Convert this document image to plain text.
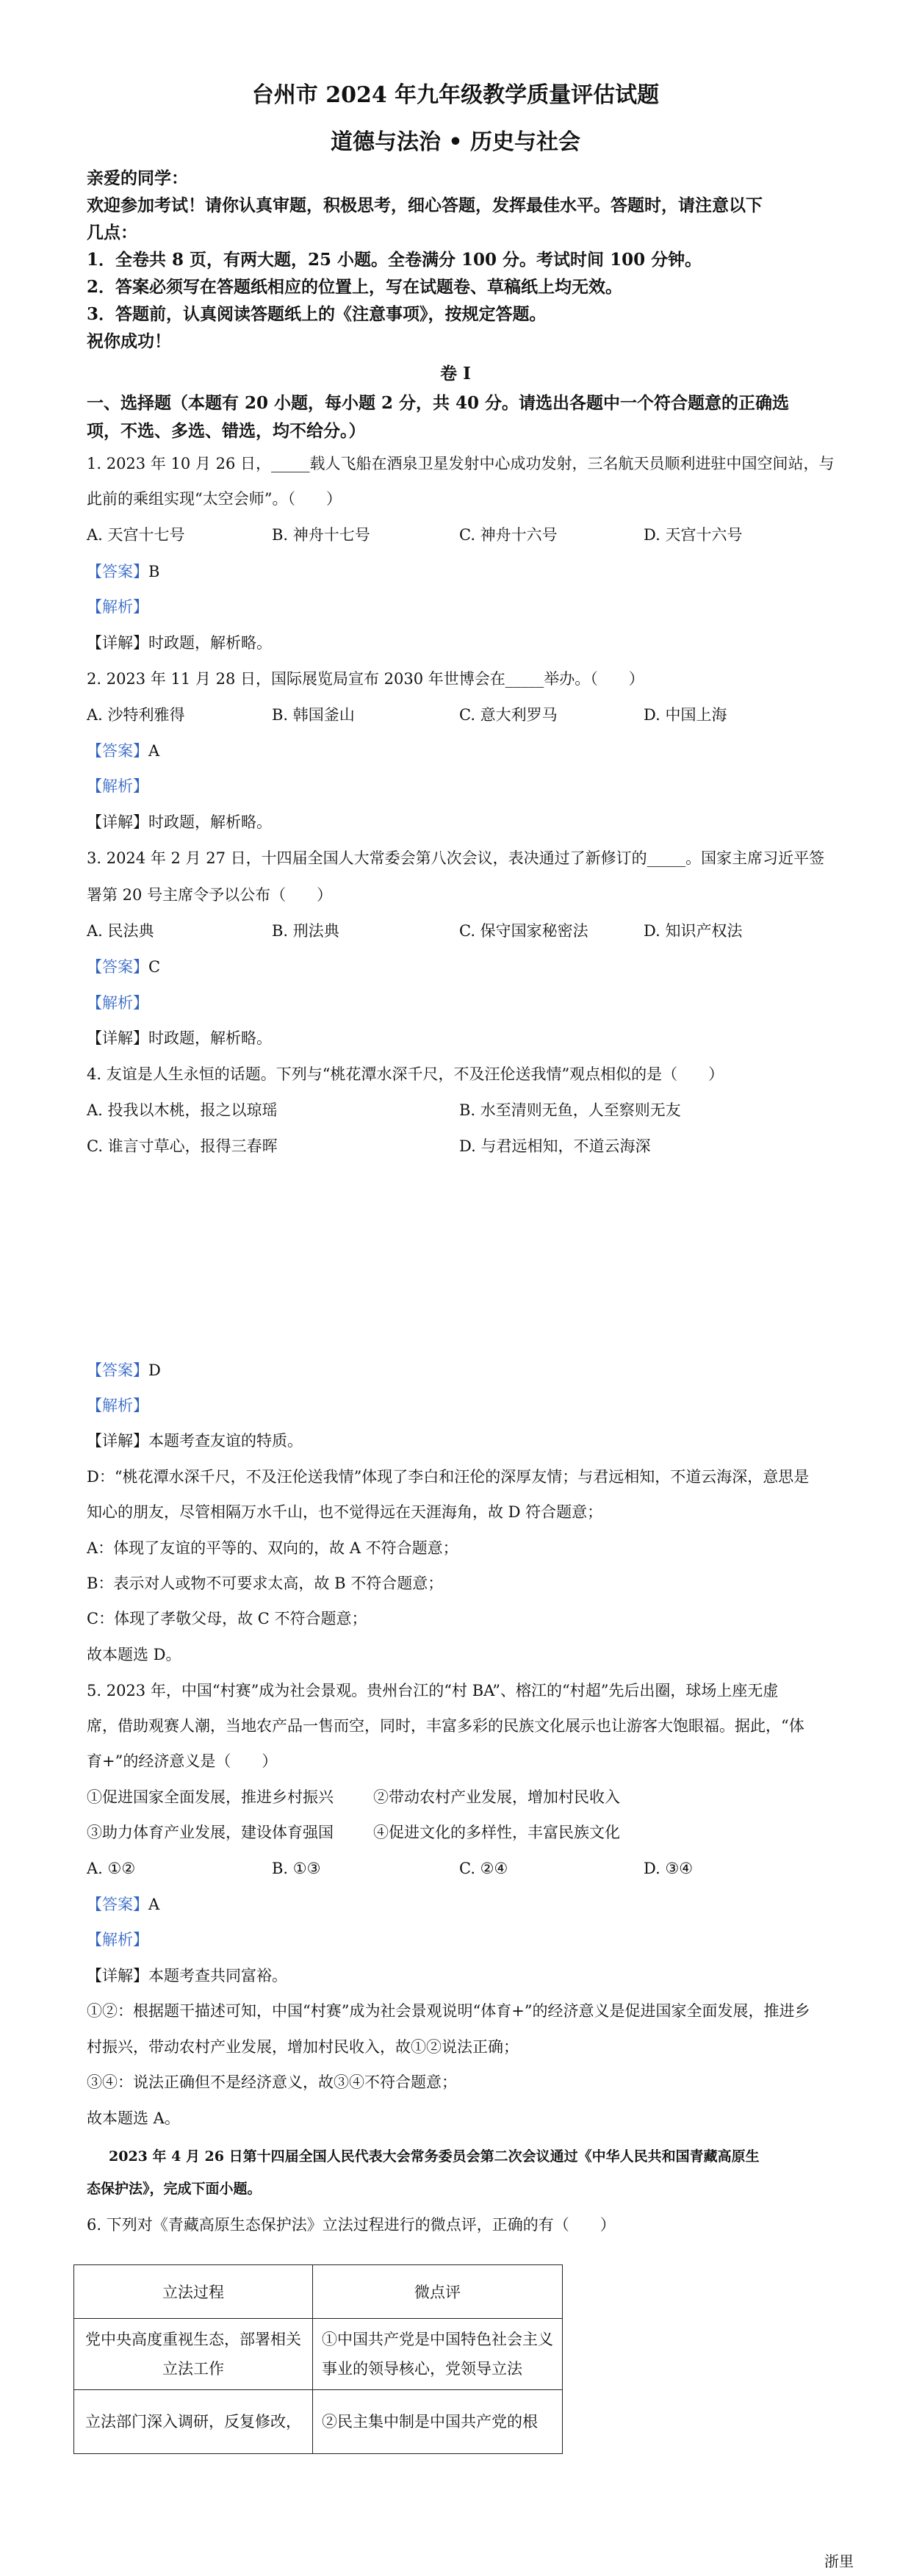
台州市 2024 年九年级教学质量评估试题
道德与法治 • 历史与社会
亲爱的同学：
欢迎参加考试！请你认真审题，积极思考，细心答题，发挥最佳水平。答题时，请注意以下
几点：
1．全卷共 8 页，有两大题，25 小题。全卷满分 100 分。考试时间 100 分钟。
2．答案必须写在答题纸相应的位置上，写在试题卷、草稿纸上均无效。
3．答题前，认真阅读答题纸上的《注意事项》，按规定答题。
祝你成功！
卷 I
一、选择题（本题有 20 小题，每小题 2 分，共 40 分。请选出各题中一个符合题意的正确选
项，不选、多选、错选，均不给分。）
1. 2023 年 10 月 26 日，_____载人飞船在酒泉卫星发射中心成功发射，三名航天员顺利进驻中国空间站，与
此前的乘组实现“太空会师”。（　　）
A. 天宫十七号	B. 神舟十七号	C. 神舟十六号	D. 天宫十六号
【答案】B
【解析】
【详解】时政题，解析略。
2. 2023 年 11 月 28 日，国际展览局宣布 2030 年世博会在_____举办。（　　）
A. 沙特利雅得	B. 韩国釜山	C. 意大利罗马	D. 中国上海
【答案】A
【解析】
【详解】时政题，解析略。
3. 2024 年 2 月 27 日，十四届全国人大常委会第八次会议，表决通过了新修订的_____。国家主席习近平签
署第 20 号主席令予以公布（　　）
A. 民法典	B. 刑法典	C. 保守国家秘密法	D. 知识产权法
【答案】C
【解析】
【详解】时政题，解析略。
4. 友谊是人生永恒的话题。下列与“桃花潭水深千尺，不及汪伦送我情”观点相似的是（　　）
A. 投我以木桃，报之以琼瑶	B. 水至清则无鱼，人至察则无友
C. 谁言寸草心，报得三春晖	D. 与君远相知，不道云海深
【答案】D
【解析】
【详解】本题考查友谊的特质。
D：“桃花潭水深千尺，不及汪伦送我情”体现了李白和汪伦的深厚友情；与君远相知，不道云海深，意思是
知心的朋友，尽管相隔万水千山，也不觉得远在天涯海角，故 D 符合题意；
A：体现了友谊的平等的、双向的，故 A 不符合题意；
B：表示对人或物不可要求太高，故 B 不符合题意；
C：体现了孝敬父母，故 C 不符合题意；
故本题选 D。
5. 2023 年，中国“村赛”成为社会景观。贵州台江的“村 BA”、榕江的“村超”先后出圈，球场上座无虚
席，借助观赛人潮，当地农产品一售而空，同时，丰富多彩的民族文化展示也让游客大饱眼福。据此，“体
育+”的经济意义是（　　）
①促进国家全面发展，推进乡村振兴	②带动农村产业发展，增加村民收入
③助力体育产业发展，建设体育强国	④促进文化的多样性，丰富民族文化
A. ①②	B. ①③	C. ②④	D. ③④
【答案】A
【解析】
【详解】本题考查共同富裕。
①②：根据题干描述可知，中国“村赛”成为社会景观说明“体育+”的经济意义是促进国家全面发展，推进乡
村振兴，带动农村产业发展，增加村民收入，故①②说法正确；
③④：说法正确但不是经济意义，故③④不符合题意；
故本题选 A。
2023 年 4 月 26 日第十四届全国人民代表大会常务委员会第二次会议通过《中华人民共和国青藏高原生
态保护法》，完成下面小题。
6. 下列对《青藏高原生态保护法》立法过程进行的微点评，正确的有（　　）
立法过程	微点评
党中央高度重视生态，部署相关立法工作	①中国共产党是中国特色社会主义事业的领导核心，党领导立法
立法部门深入调研，反复修改，	②民主集中制是中国共产党的根
浙里
